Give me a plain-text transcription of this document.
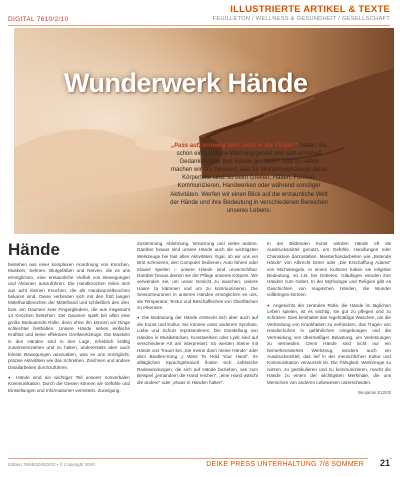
DIGITAL 7610/2/10
ILLUSTRIERTE ARTIKEL & TEXTE
FEUILLETON / WELLNESS & GESUNDHEIT / GESELLSCHAFT
Wunderwerk Hände
„Pass auf, schweig dich nicht in die Finger!“ haben Sie schon einmal diese Warnung gehört und sich ernsthaft Gedanken über Ihre Hände gemacht? Und zu selten machen wir uns bewusst, was für Wunderwerkzeuge diese Körperteile sind: so beim Greifen, Halten, Formen, Kommunizieren, Handwerken oder während sonstiger Aktivitäten. Werfen wir einen Blick auf die erstaunliche Welt der Hände und ihre Bedeutung in verschiedenen Bereichen unseres Lebens.
Hände

bestehen aus einer komplexen Anordnung von Knochen, Muskeln, Sehnen, Blutgefäßen und Nerven, die es uns ermöglichen, eine erstaunliche Vielfalt von Bewegungen und Aktionen auszuführen. Die Handknochen teilen sich aus acht kleinen Knochen, die als Handwurzelknochen bekannt sind. Diese verbinden sich mit den fünf langen Mittelhandknochen der Mittelhand und schließlich den drei, bzw. am Daumen zwei Fingergliedern, die aus insgesamt 14 Knochen bestehen. Der Daumen spielt bei allen eine große Bedeutende Rolle, denn ohne ihn können wir Dinge schlechter festhalten. Unsere Hände sehen einfache Kraftlos und keine effektiven Greifwerkzeuge. Die Muskeln in den Händen sind in den Lage, erheblich kräftig zusammenziehen und zu halten, andererseits aber auch feinste Bewegungen auszuüben, was es uns ermöglicht, präzise Aktivitäten wie das Schreiben, Zeichnen und andere Detailarbeiten durchzuführen.

● Hände sind ein wichtiger Teil unserer nonverbalen Kommunikation. Durch die Gesten können wir Gefühle und Einstellungen und Informationen vermitteln. Zuneigung,

Zustimmung, Ablehnung, Verwirrung und vieles andere. Darüber hinaus sind unsere Hände auch die wichtigsten Werkzeuge bei fast allen Aktivitäten. Egal, ob wir uns ein Brot schmieren, den Computer bedienen, Auto fahren oder Klavier spielen – unsere Hände sind unverzichtbar. Darüber hinaus dienen sie der Pflege unseres Körpers. Wir verwenden sie, um unser Gesicht zu waschen, unsere Haare zu kämmen und um zu kommunizieren. Die Sensorneuronen in unseren Händen ermöglichen es uns, die Temperatur, Textur und Beschaffenheit von Oberflächen zu erkennen.

● Die Bedeutung der Hände erstreckt sich aber auch auf die Kunst und Kultur. Sie können unter anderem Symbole, Liebe und Schutz repräsentieren. Die Darstellung von Händen in Musikstücken, Kunstwerken oder Lyrik sind auf verschiedene Art am interpretiert. So werden Steine mit Hände uns Trauer bei „Sie meine dann meine Hände“ oder dem Beatles-Song „I Want To Hold Your Hand“. Im alltäglichen Sprachgebrauch finden sich zahlreiche Redewendungen, die sich auf Hände beziehen, wie zum Beispiel „jemandem die Hand reichen“, „eine Hand wäscht die andere“ oder „etwas in Händen halten“.

In der Bildenden Kunst werden Hände oft als Ausdrucksmittel genutzt, um Gefühle, Handlungen oder Charaktere darzustellen. Meisterhandarbeiten wie „Betende Hände“ von Albrecht Dürer oder „Die Erschaffung Adams“ von Michelangelo. In einem Kulturen haben sie religiöse Bedeutung, so z.B. bei Gebeten. Gläubigen wenden ihre Händen zum Gebet. In der Mythologie und Religion gibt es Geschichten von magischen Händen, die Wunder vollbringen können.

● Angesichts der zentralen Rolle, die Hände im täglichen Leben spielen, ist es wichtig, sie gut zu pflegen und zu schützen. Dies beinhaltet das regelmäßige Waschen, um die Verbreitung von Krankheiten zu verhindern, das Tragen von Handschuhen in gefährlichen Umgebungen und die Vermeidung von übermäßiger Belastung, um Verletzungen zu vermeiden. Denn Hände sind nicht nur ein bemerkenswertes Werkzeug, sondern auch ein Ausdrucksmittel, das tief in der menschlichen Kultur und Kommunikation verwurzelt ist. Die Fähigkeit, Werkzeuge zu nutzen, zu gestikulieren und zu kommunizieren, macht die Hände zu einem der wichtigsten Merkmale, die uns Menschen von anderen Lebewesen unterscheiden.

Benjamin E12/02

Edition 76/55/2040/2/02 • © Copyright 2040	DEIKE PRESS UNTERHALTUNG 7/8 SOMMER	21
